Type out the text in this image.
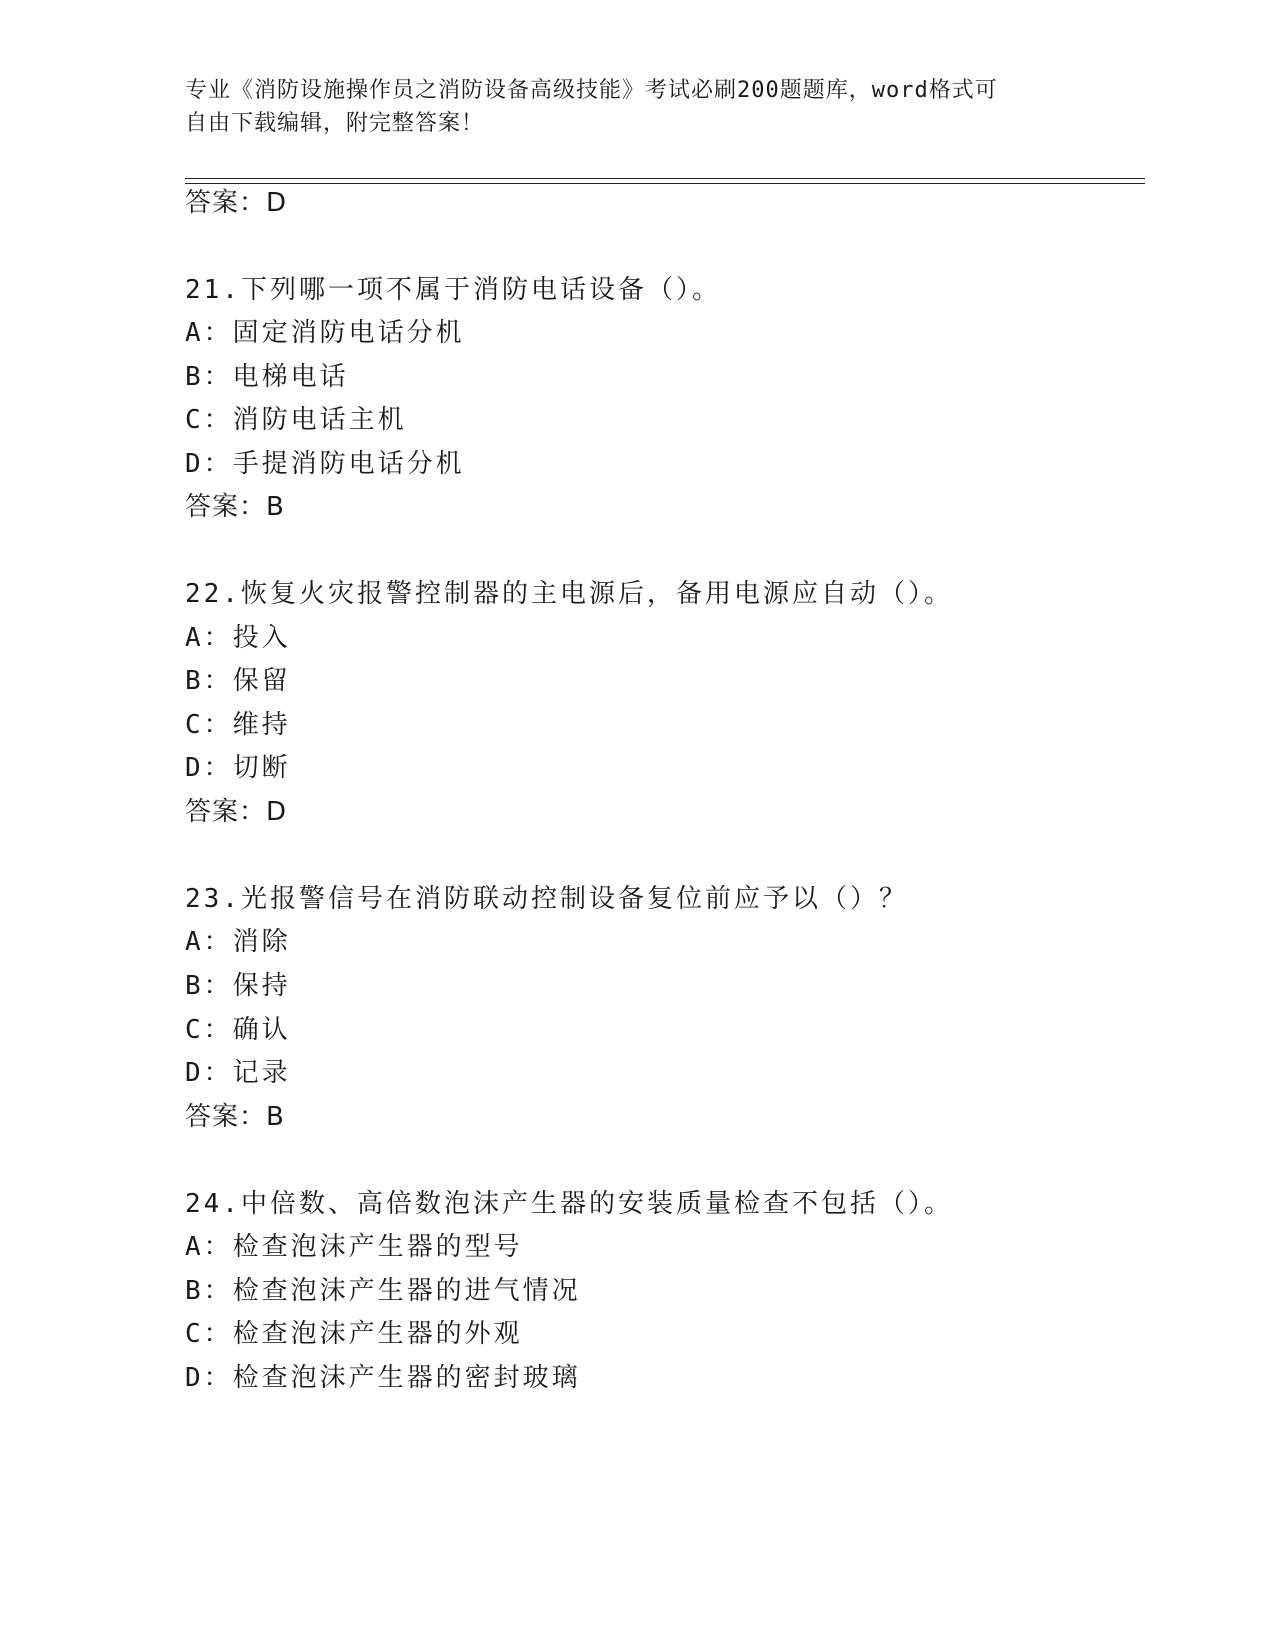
专业《消防设施操作员之消防设备高级技能》考试必刷200题题库，word格式可
自由下载编辑，附完整答案！
答案：D
21.下列哪一项不属于消防电话设备（）。
A：固定消防电话分机
B：电梯电话
C：消防电话主机
D：手提消防电话分机
答案：B
22.恢复火灾报警控制器的主电源后，备用电源应自动（）。
A：投入
B：保留
C：维持
D：切断
答案：D
23.光报警信号在消防联动控制设备复位前应予以（）？
A：消除
B：保持
C：确认
D：记录
答案：B
24.中倍数、高倍数泡沫产生器的安装质量检查不包括（）。
A：检查泡沫产生器的型号
B：检查泡沫产生器的进气情况
C：检查泡沫产生器的外观
D：检查泡沫产生器的密封玻璃
